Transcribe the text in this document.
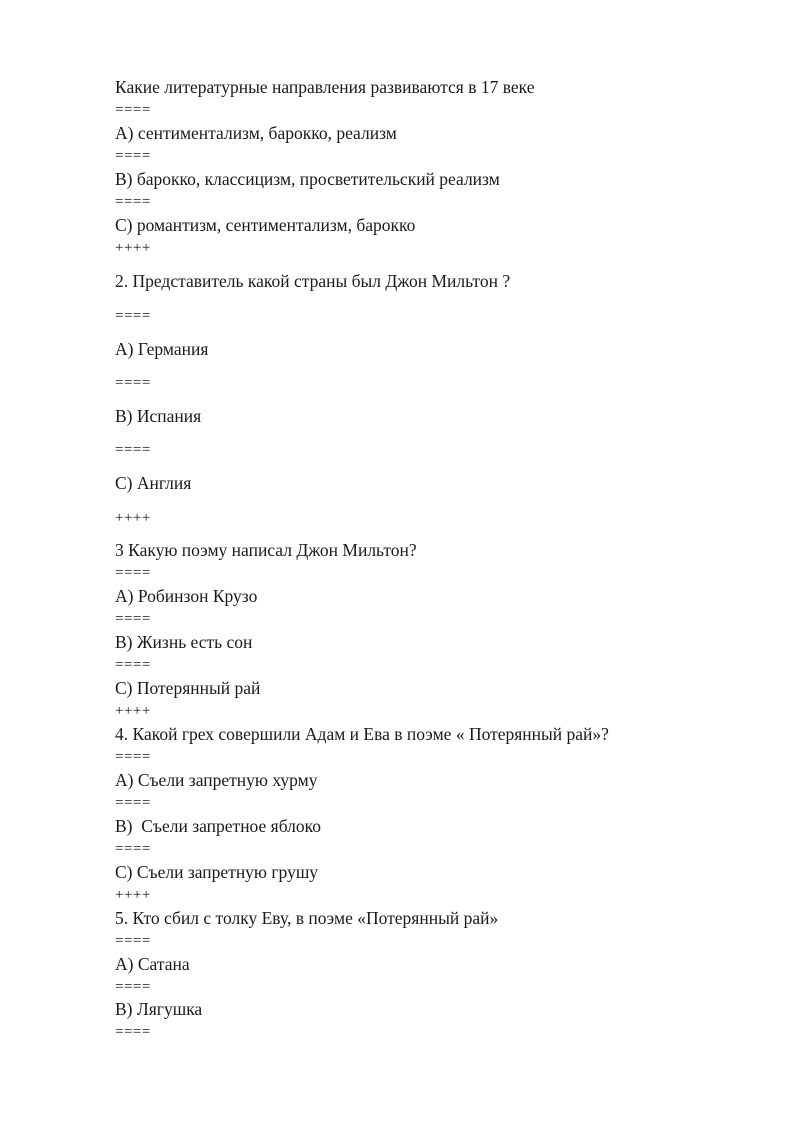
Какие литературные направления развиваются в 17 веке
====
А) сентиментализм, барокко, реализм
====
В) барокко, классицизм, просветительский реализм
====
С) романтизм, сентиментализм, барокко
++++
2. Представитель какой страны был Джон Мильтон ?
====
А) Германия
====
В) Испания
====
С) Англия
++++
3 Какую поэму написал Джон Мильтон?
====
А) Робинзон Крузо
====
В) Жизнь есть сон
====
С) Потерянный рай
++++
4. Какой грех совершили Адам и Ева в поэме « Потерянный рай»?
====
А) Съели запретную хурму
====
В)  Съели запретное яблоко
====
С) Съели запретную грушу
++++
5. Кто сбил с толку Еву, в поэме «Потерянный рай»
====
А) Сатана
====
В) Лягушка
====
